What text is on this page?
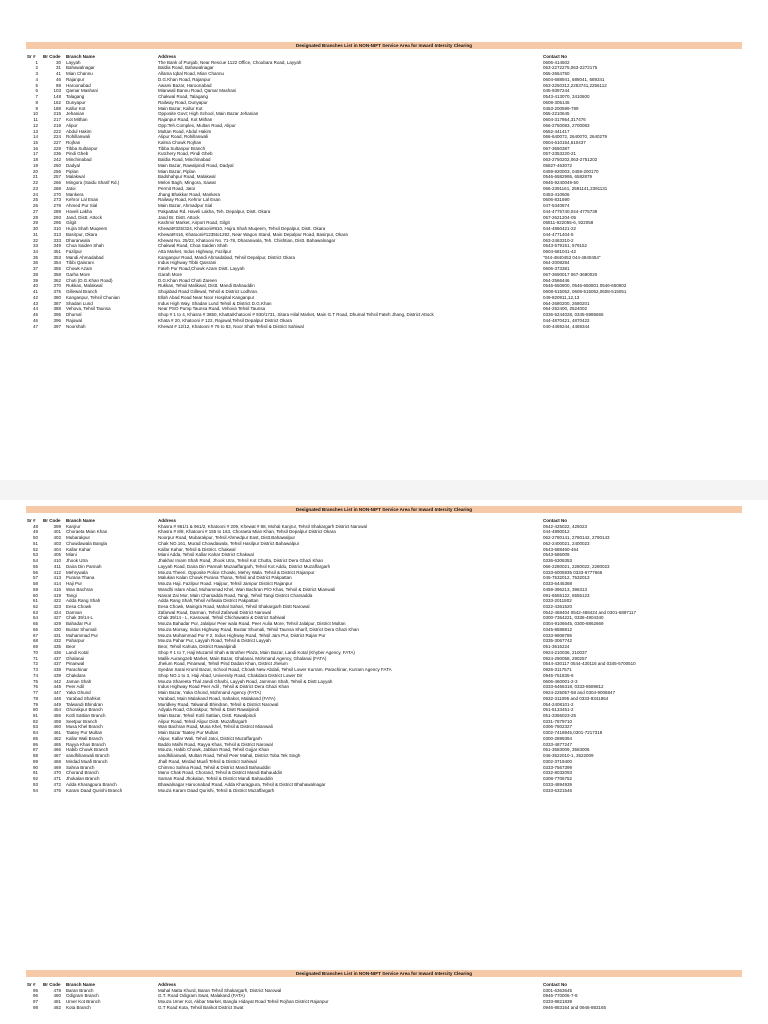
Designated Branches List in NON-NIFT Service Area for Inward Intercity Clearing
Sr #	Br Code	Branch Name	Address	Contact No
1	30	Layyah	The Bank of Punjab, Near Rescue 1122 Office, Choubara Road, Layyah	0606-414502
2	31	Bahawalnagar	Baldia Road, Bahawalnagar	063-2272275,063-2272175
3	41	Mian Channu	Allama Iqbal Road, Mian Channu	065-2664750
4	46	Rajanpur	D.G.Khan Road, Rajanpur	0604-688941, 688041, 689341
5	88	Haroonabad	Awami Bazar, Haroonabad	063-2250312,2253741,2256112
6	103	Qamar Mashani	Mianwali Bannu Road, Qamar Mashani	045-9397244
7	148	Talagang	Chakwal Road, Talagang	0543-413070, 3410600
8	162	Dunyapur	Railway Road, Dunyapur	0608-305145
9	188	Kallur Kot	Main Bazar, Kallur Kot	0453-200599-799
10	215	Jehanian	Opposite Govt; High School, Main Bazar Jehanian	065-2210645
11	217	Kot Mithan	Rajanpur Road, Kot Mithan	0604-317864,317476
12	219	Alipur	Opp:Teh.Complex, Multan Road, Alipur	066-2750083, 2700083
13	222	Abdul Hakim	Multan Road, Abdul Hakim	0652-441417
14	224	Rohillanwali	Alipur Road, Rohillanwali	066-640072, 2640070, 2640279
15	227	Rojhan	Kalma Chowk Rojhan	0604-610154,610437
16	229	Tibba Sultanpur	Tibba Sultanpur Branch	067-3650387
17	236	Pindi Gheb	Kutchery Road, Pindi Gheb	057-2353220-21
18	242	Minchinabad	Baldia Road, Minchinabad	063-2750202,063-2751202
19	250	Dadyal	Main Bazar, Rawalpindi Road, Dadyal	05827-463072
20	256	Piplan	Mian Bazar, Piplan	0459-920003, 0459-200170
21	257	Malakwal	Badshahpur Road, Malakwal	0546-6582995, 6582879
22	266	Mingora (Saidu Sharif Rd.)	Melon Bagh, Mingora, Sawat	0946-9240049-50
23	268	Jatoi	Permit Road, Jatoi	066-2391161, 2591141,2391131
24	270	Mankera	Jhang Bhakkar Road, Mankera	0453-410606
25	273	Kehror Lal Esan	Railway Road, Kehror Lal Esan	0606-831690
26	278	Ahmed Pur Sial	Main Bazar, Ahmadpur Sial	047-5340874
27	289	Haveli Lakha	Pakpattan Rd. Haveli Lakha, Teh. Depalpur, Distt. Okara	044-4775740,044-4775739
28	293	Jand, Distt. Attock	Jand Br. Distt. Attock	057-2621204-05
29	295	Gilgit	Kashmir Market, Airport Road, Gilgit	05811-922055-6, 922058
30	310	Hujra Shah Muqeem	Khewat#325/324, Khatooni#810, Hujra Shah Muqeem, Tehsil Depalpur, Distt. Okara	044-4860421-22
31	313	Basirpur, Okara	Khewat#416, Khatooni#1235to1292, Near Wagon Stand, Main Depalpur Road, Basirpur, Okara	044-4771404-5
32	333	Dharanwala	Khewat No. 25/22, Khatooni No. 71-78, Dharanwala, Teh. Chishtian, Distt. Bahawalnagar	063-2463310-2
33	349	Choa Saiden Shah	Chakwal Road, Choa Saiden Shah	0543-579151, 579152
34	351	Fazilpur	Atta Market, Indus Highway, Fazilpur	0604-681041-42
35	353	Mandi Ahmadabad	Kanganpur Road, Mandi Ahmadabad, Tehsil Depalpur, District Okara	"044-4840453 044-4840454"
36	354	Tibbi Qaisrani	Indus Highway Tibbi Qaisrani	064-2008284
37	355	Chowk Azam	Fateh Pur Road,Chowk Azam Distt. Layyah	0606-373381
38	358	Garha More	Garah More	067-3690017 067-3690020
39	362	Choti (D.G.Khan Road)	D.G.Khan Road Choti Zareen	064-2566446
40	370	Rukkan, Malakwal	Rukkan, Tehsil Malikwal, Distt. Mandi Bahauddin	0546-650800, 0546-650801 0546-650802
41	375	Gillewal Branch	Shujabad Road Gillewal, Tehsil & District Lodhran.	0608-515052, 0608-515052,0608-515051
42	380	Kanganpur, Tehsil Chunian	Ellah Abad Road Near Noor Hospital Kanganpur	049-820911,12,13
43	387	Shadan Lund	Indus High Way, Shadan Lund Tehsil & District D.G.Khan	064-2680200, 2680201
44	388	Vehova, Tehsil Taunsa	Near PSO Pump Taunsa Road, Vehova Tehsil Taunsa	064-252400, 2524002
45	395	Dhumal	Shop # 1 to 4, Khasra # 3850, Khatta/Khatooni # 930/1731, Sitara Hilal Market, Main G.T Road, Dhumal Tehsil Fateh Jhang, District Attock	0336-5244028, 0345-5985665
46	396	Rajowal	Khata # 20, Khatooni # 122, Rajowal,Tehsil Depalpur District Okara	044-4870421, 4870422
47	397	Noorshah	Khewat # 12/12, Khatooni # 76 to 82, Noor Shah Tehsil & District Sahiwal	040-4469244, 4469344
Designated Branches List in NON-NIFT Service Area for Inward Intercity Clearing
Sr #	Br Code	Branch Name	Address	Contact No
48	399	Kanjrur	Khasra # 961/1 & 961/2, Khatooni # 209, Khewat # 88, Mohal Kanjrur, Tehsil Shakargarh District Narowal	0542-425022, 425023
49	401	Choraeta Mian Khan	Khasra # 8/8, Khatooni # 155 to 163, Choraeta Mian Khan, Tehsil Depalpur District Okara	044-4890012
50	402	Mubarakpur	Noorpur Road, Mubarakpur, Tehsil Ahmedpur East, Distt.Bahawalpur	062-2780141, 2780142, 2780143
51	403	Chowdawala Bangla	Chak NO.161, Murad Chowdawala, Tehsil Hasilpur District Bahawalpur	062-2400021, 2400023
52	404	Kallar Kahar	Kallar Kahar, Tehsil & District. Chakwal	0543-588460-464
53	405	Miani	Miani Adda, Tehsil Kallar Kahar District Chakwal	0543-586009
54	410	Jhook Utra	Jhakhar Imam Shah Road, Jhook Utra, Tehsil Kot Chutta, District Dera Ghazi Khan	0336-6306353
55	411	Daira Din Pannah	Layyah Road, Daira Din Pannah Muzaaffargarh, Tehsil Kot Addu, District Muzaffargarh	066-2280021, 2280022, 2280023
56	412	Mehrywala	Mouza Theeri. Opposite Police Chowki, Mehry Wala. Tehsil & District Rajanpur	0333-6005935 0333-6777666
57	413	Purana Thana	Malukan Kalan Chowk Purana Thana, Tehsil and District Pakpattan	045-7532012, 7532013
58	414	Haji Pur	Mouza Haji. Fazilpur Road. Hajipur, Tehsil Jampur District Rajanpur	0333-6445368
59	416	Wan Bachran	Wandhi Islam Abad, Muhammad Khel, Wan Bachran P/O Khas, Tehsil & District Mianwali	0459-396213, 396313
60	419	Tangi	Nasrat Zai Mor, Main Charsadda Road, Tangi, Tehsil Tangi District Charsadda	091-6555122, 6555123
61	422	Adda Rang Shah	Adda Rang Shah,Tehsil Arifwala District Pakpattan	0333-2011802
62	423	Eesa Chowk	Eesa Chowk, Maingra Road, Mahal Sahari, Tehsil Shakargarh Distt Narowal	0322-4361520
63	424	Darman	Zafarwal Road, Darman, Tehsil Zafarwal District Narowal	0542-468404 0542-468424 and 0301-6897117
64	427	Chak 39/14-L	Chak 39/14 - L, Kassowal, Tehsil Chichawatni & District Sahiwal	0300-7364221, 0336-4904340
65	429	Bahadar Pur	Mouza Bahadar Pur, Jalalpur Peer wala Road, Peer Aulia More, Tehsil Jalalpur, District Multan	0304-9106645, 0300-8862669
66	430	Bustar Shumali	Mouza Morsay, Indus Highway Road, Bustar Shumali, Tehsil Taunsa Sharif, District Dera Ghazi Khan	0345-8588812
67	431	Muhammad Pur	Mouza Muhammad Pur # 2, Indus Highway Road, Tehsil Jam Pur, District Rajan Pur	0333-9808786
68	432	Paharpur	Mouza Pahar Pur, Layyah Road, Tehsil & District Layyah	0335-3067742
69	435	Beor	Beor, Tehsil Kahuta, District Rawalpindi	051-3616224
70	436	Landi Kotal	Shop # 1 to 7, Haji Muzamil Shah & Brother Plaza, Main Bazar, Landi Kotal (Khyber Agency, FATA)	0924-210036, 210037
71	437	Ghalanai	Mailik Aurangzeb Market, Main Bazar, Ghalanai, Mohmand Agency, Ghalanai (FATA)	0924-290058, 290257
72	437	Pinanwal	Jhelum Road, Pinanwal, Tehsil Pind Dadan Khan, District Jhelum	0544-430117 0544-430116 and 0345-5700510
73	438	Parachinar	Syedan Sarai Kruml Bazar, School Road, Chowk New Abdali, Tehsil Lower Kurram. Parachinar, Kurram Agency FATA	0926-3117571
74	439	Chakdara	Shop NO.1 to 3, Haji Abad, University Road, Chakdara District Lower Dir	0945-761835-6
75	442	Jaman Shah	Mouza Shareeta Thal Jandi Gharbi, Layyah Road, Jamman Shah, Tehsil & Distt Layyah	0606-460001-2-3
76	445	Peer Adil	Indus Highway Road Peer Adil , Tehsil & District Dera Ghazi Khan	0333-6466318, 0333-8589812
77	447	Yaka Ghund	Main Bazar, Yaka Ghund, Mohmand Agency (FATA)	0924-225057-58 and 0304-9006847
78	448	Yarabad Shahkot	Yarabad, Main Malakand Road, Sahakot, Malakand (FATA)	0932-311095 and 0333-9341864
79	449	Talwandi Bhindran	Muridkey Road, Talwandi Bhindran, Tehsil & District Narowal	054-2408101-2
80	454	Ghorakpur Branch	Adyala Road, Ghorakpur, Tehsil & Distt Rawalpindi	051-5133451-2
81	455	Kotli Sattian Branch	Main Bazar, Tehsil Kotli Sattian, Distt. Rawalpindi	051-3356023-25
82	459	Seetpur Branch	Alipur Road, Tehsil Alipur Distt. Muzaffargarh	0331-7879710
83	460	Musa Khel Branch	Wan Bachran Road, Musa Khel, Tehsil & District Mianwali	0306-7802327
84	461	Taatey Pur Multan	Main Bazar Taatey Pur Multan	0302-7418945,0301-7217318
85	462	Kallar Wali Branch	Alipur, Kallar Wali, Tehsil Jatoi, District Muzaffargarh	0300-2899394
86	465	Rayya Khas Branch	Baddo Malhi Road, Rayya Khas, Tehsil & District Narowal	0333-4877247
87	466	Habib Chowk Branch	Mouza, Habib Chowk, Jabban Road, Tehsil Gujjar Khan	051-3583009, 3583006
88	467	sandhilianwali Branch	sandhilianwali, Multan Road, Tehsil Peer Mahal, District Toba Tek Singh	046-3522010-1, 3522009
89	468	Mirdad Muafi Branch	Jhall Road, Mirdad Muafi Tehsil & District Sahiwal	0302-3719400
90	469	Sahna Branch	Chimmo Sahna Road, Tehsil & District Mandi Bahauddin	0333-7567399
91	470	Chorand Branch	Mano Chak Road, Chorand, Tehsil & District Mandi Bahauddin	0332-8032093
92	471	Jhokalan Branch	Saman Road Jhokalan, Tehsil & District Mandi Bahauddin	0308-7706752
93	472	Adda Kharagpura Branch	Bhawalnagar Haroonabad Road, Adda Kharagpura, Tehsil & District Bhahawalnagar	0333-4894939
94	476	Karam Daad Qurishi Branch	Mouza Karam Daad Qurishi, Tehsil & District Muzaffargarh	0333-6321546
Designated Branches List in NON-NIFT Service Area for Inward Intercity Clearing
Sr #	Br Code	Branch Name	Address	Contact No
95	478	Baran Branch	Mahal Natta Khurd, Baran Tehsil Shakargarh, District Narowal	0301-6363645
96	480	Odigram Branch	G.T. Road Odigram Swat, Malakand (FATA)	0946-770006-7-8
97	481	Umer Kot Branch	Mouza Umer Kot, Akbar Market, Bangla Hidayat Road Tehsil Rojhan District Rajanpur	0333-8821839
98	482	Kota Branch	G.T Road Kota, Tehsil Barikot District Swat	0946-883164 and 0946-883165
